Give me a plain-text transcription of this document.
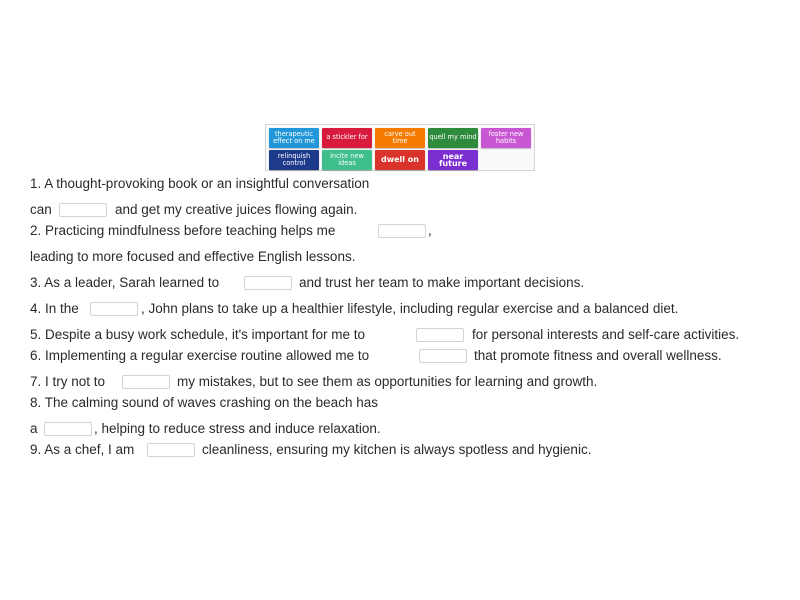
therapeutic effect on me	a stickler for	carve out time	quell my mind	foster new habits
relinquish control
incite new ideas	dwell on	near future
1. A thought-provoking book or an insightful conversation
can	and get my creative juices flowing again.
2. Practicing mindfulness before teaching helps me	,
leading to more focused and effective English lessons.
3. As a leader, Sarah learned to	and trust her team to make important decisions.
4. In the	, John plans to take up a healthier lifestyle, including regular exercise and a balanced diet.
5. Despite a busy work schedule, it's important for me to	for personal interests and self-care activities.
6. Implementing a regular exercise routine allowed me to	that promote fitness and overall wellness.
7. I try not to	my mistakes, but to see them as opportunities for learning and growth.
8. The calming sound of waves crashing on the beach has
a	, helping to reduce stress and induce relaxation.
9. As a chef, I am	cleanliness, ensuring my kitchen is always spotless and hygienic.
